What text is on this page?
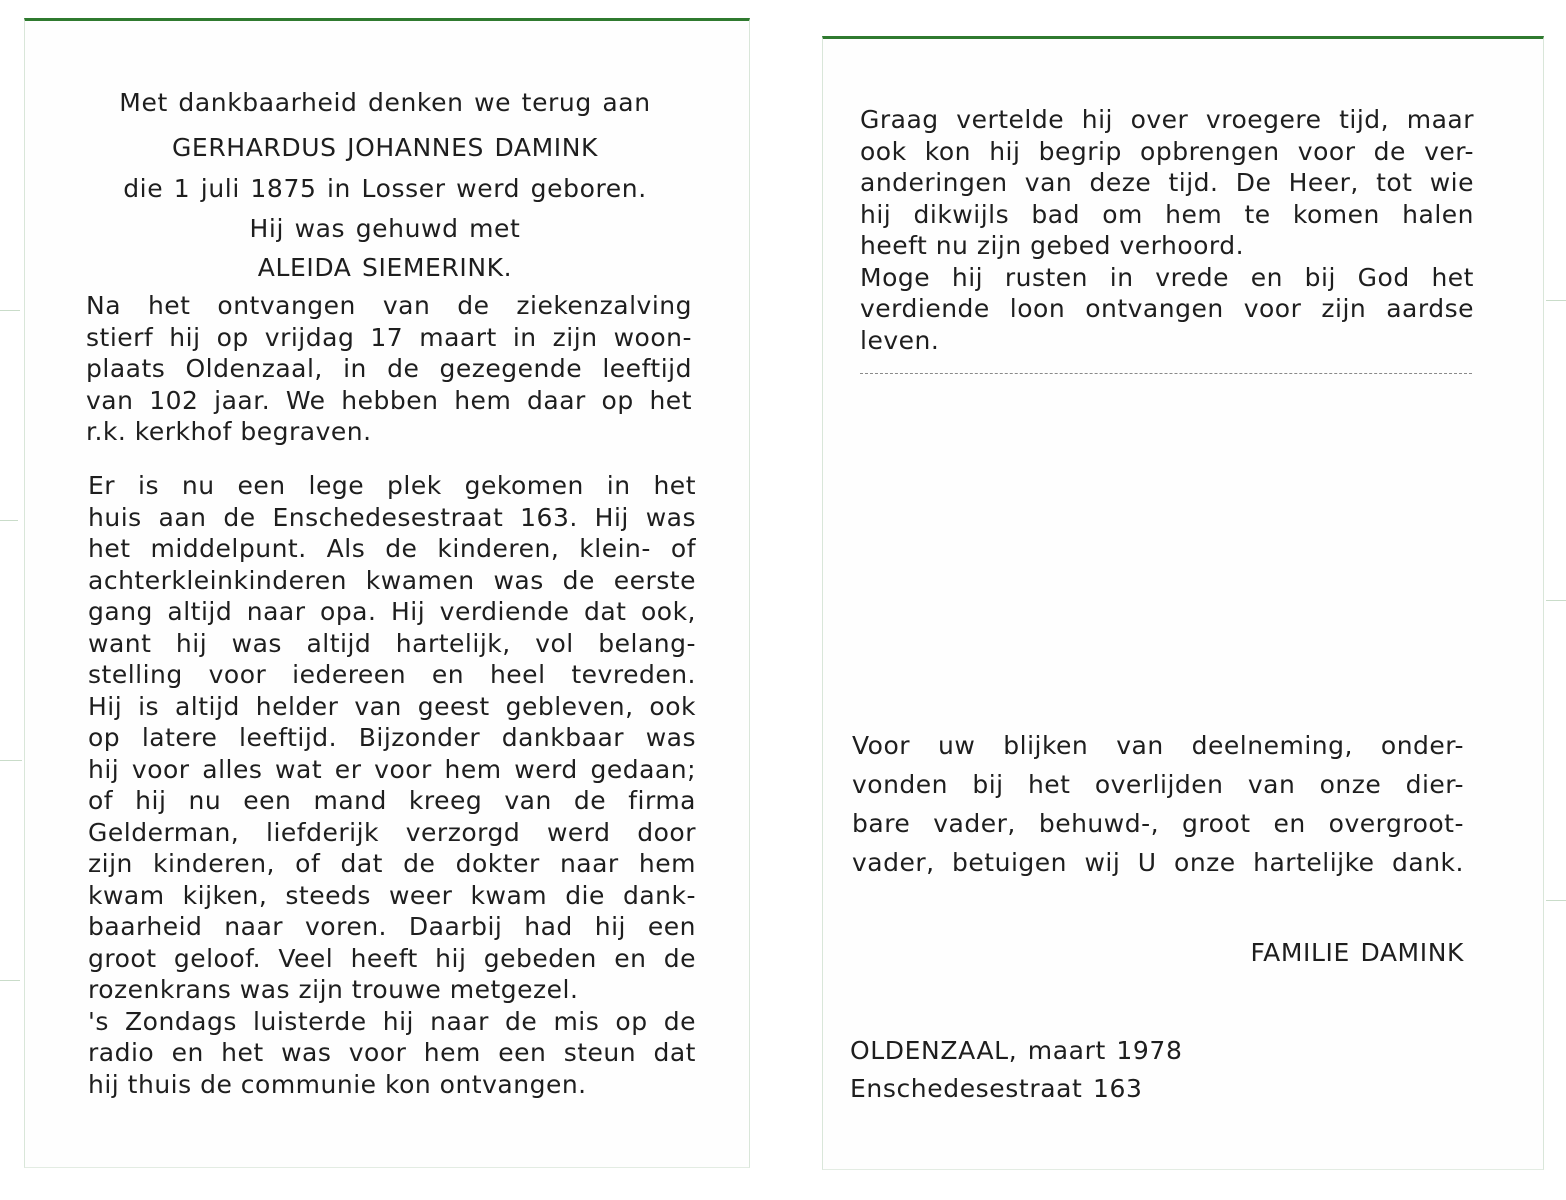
Met dankbaarheid denken we terug aan
GERHARDUS JOHANNES DAMINK
die 1 juli 1875 in Losser werd geboren.
Hij was gehuwd met
ALEIDA SIEMERINK.
Na het ontvangen van de ziekenzalving
stierf hij op vrijdag 17 maart in zijn woon-
plaats Oldenzaal, in de gezegende leeftijd
van 102 jaar. We hebben hem daar op het
r.k. kerkhof begraven.
Er is nu een lege plek gekomen in het
huis aan de Enschedesestraat 163. Hij was
het middelpunt. Als de kinderen, klein- of
achterkleinkinderen kwamen was de eerste
gang altijd naar opa. Hij verdiende dat ook,
want hij was altijd hartelijk, vol belang-
stelling voor iedereen en heel tevreden.
Hij is altijd helder van geest gebleven, ook
op latere leeftijd. Bijzonder dankbaar was
hij voor alles wat er voor hem werd gedaan;
of hij nu een mand kreeg van de firma
Gelderman, liefderijk verzorgd werd door
zijn kinderen, of dat de dokter naar hem
kwam kijken, steeds weer kwam die dank-
baarheid naar voren. Daarbij had hij een
groot geloof. Veel heeft hij gebeden en de
rozenkrans was zijn trouwe metgezel.
's Zondags luisterde hij naar de mis op de
radio en het was voor hem een steun dat
hij thuis de communie kon ontvangen.
Graag vertelde hij over vroegere tijd, maar
ook kon hij begrip opbrengen voor de ver-
anderingen van deze tijd. De Heer, tot wie
hij dikwijls bad om hem te komen halen
heeft nu zijn gebed verhoord.
Moge hij rusten in vrede en bij God het
verdiende loon ontvangen voor zijn aardse
leven.
Voor uw blijken van deelneming, onder-
vonden bij het overlijden van onze dier-
bare vader, behuwd-, groot en overgroot-
vader, betuigen wij U onze hartelijke dank.
FAMILIE DAMINK
OLDENZAAL, maart 1978
Enschedesestraat 163
